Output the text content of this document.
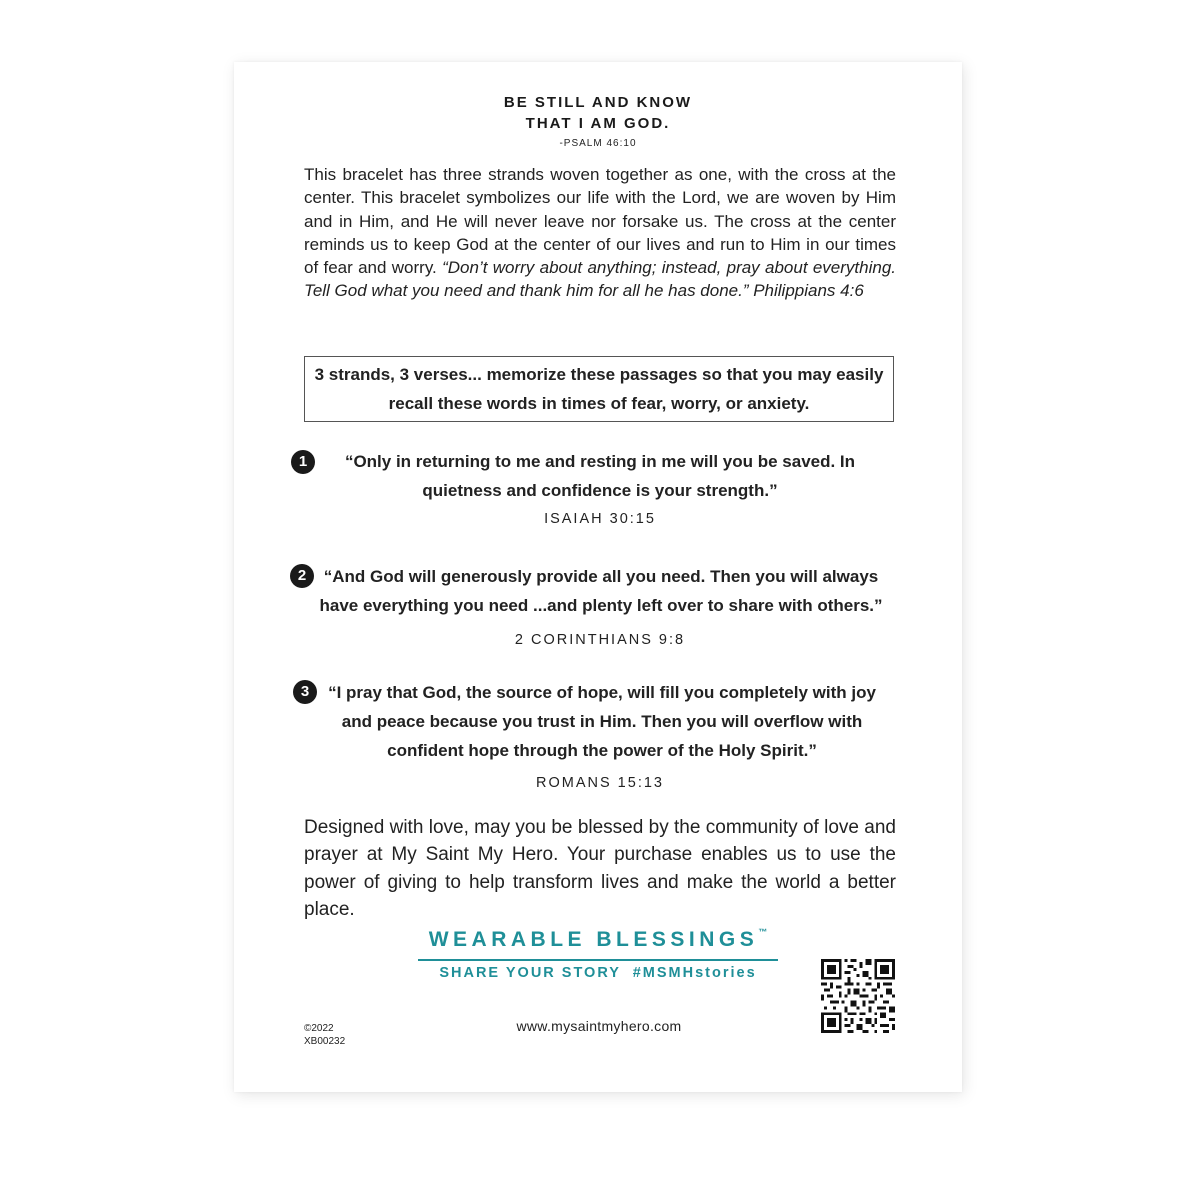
BE STILL AND KNOW
THAT I AM GOD.
-PSALM 46:10
This bracelet has three strands woven together as one, with the cross at the center. This bracelet symbolizes our life with the Lord, we are woven by Him and in Him, and He will never leave nor forsake us. The cross at the center reminds us to keep God at the center of our lives and run to Him in our times of fear and worry. “Don’t worry about anything; instead, pray about everything. Tell God what you need and thank him for all he has done.” Philippians 4:6
3 strands, 3 verses... memorize these passages so that you may easily recall these words in times of fear, worry, or anxiety.
1	“Only in returning to me and resting in me will you be saved. In quietness and confidence is your strength.”
ISAIAH 30:15
2	“And God will generously provide all you need. Then you will always have everything you need ...and plenty left over to share with others.”
2 CORINTHIANS 9:8
3	“I pray that God, the source of hope, will fill you completely with joy and peace because you trust in Him. Then you will overflow with confident hope through the power of the Holy Spirit.”
ROMANS 15:13
Designed with love, may you be blessed by the community of love and prayer at My Saint My Hero. Your purchase enables us to use the power of giving to help transform lives and make the world a better place.
WEARABLE BLESSINGS™
SHARE YOUR STORY  #MSMHstories
©2022
XB00232
www.mysaintmyhero.com
